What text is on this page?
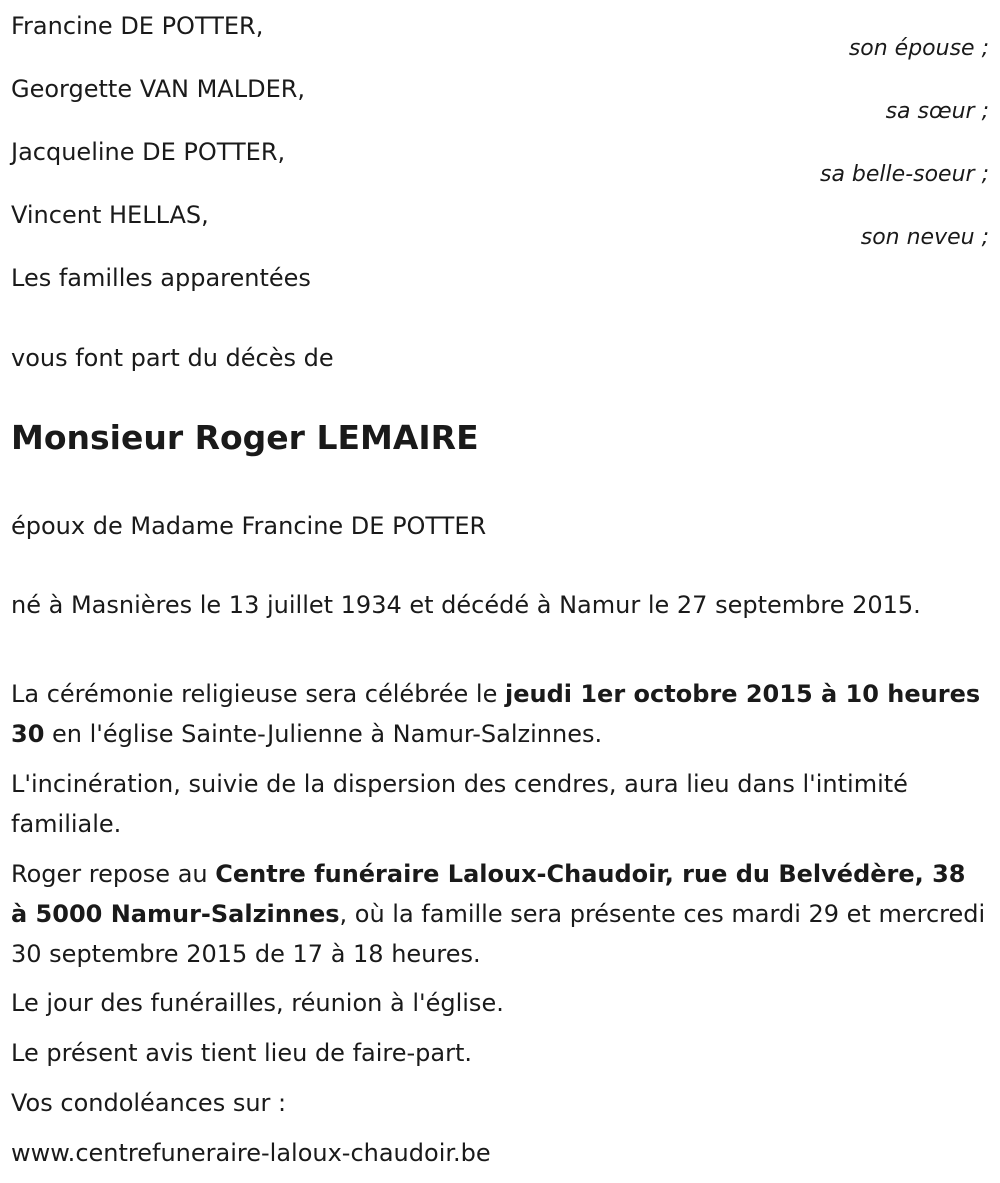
Francine DE POTTER,
son épouse ;
Georgette VAN MALDER,
sa sœur ;
Jacqueline DE POTTER,
sa belle-soeur ;
Vincent HELLAS,
son neveu ;
Les familles apparentées
vous font part du décès de
Monsieur Roger LEMAIRE
époux de Madame Francine DE POTTER
né à Masnières le 13 juillet 1934 et décédé à Namur le 27 septembre 2015.
La cérémonie religieuse sera célébrée le jeudi 1er octobre 2015 à 10 heures 30 en l'église Sainte-Julienne à Namur-Salzinnes.
L'incinération, suivie de la dispersion des cendres, aura lieu dans l'intimité familiale.
Roger repose au Centre funéraire Laloux-Chaudoir, rue du Belvédère, 38 à 5000 Namur-Salzinnes, où la famille sera présente ces mardi 29 et mercredi 30 septembre 2015 de 17 à 18 heures.
Le jour des funérailles, réunion à l'église.
Le présent avis tient lieu de faire-part.
Vos condoléances sur :
www.centrefuneraire-laloux-chaudoir.be
